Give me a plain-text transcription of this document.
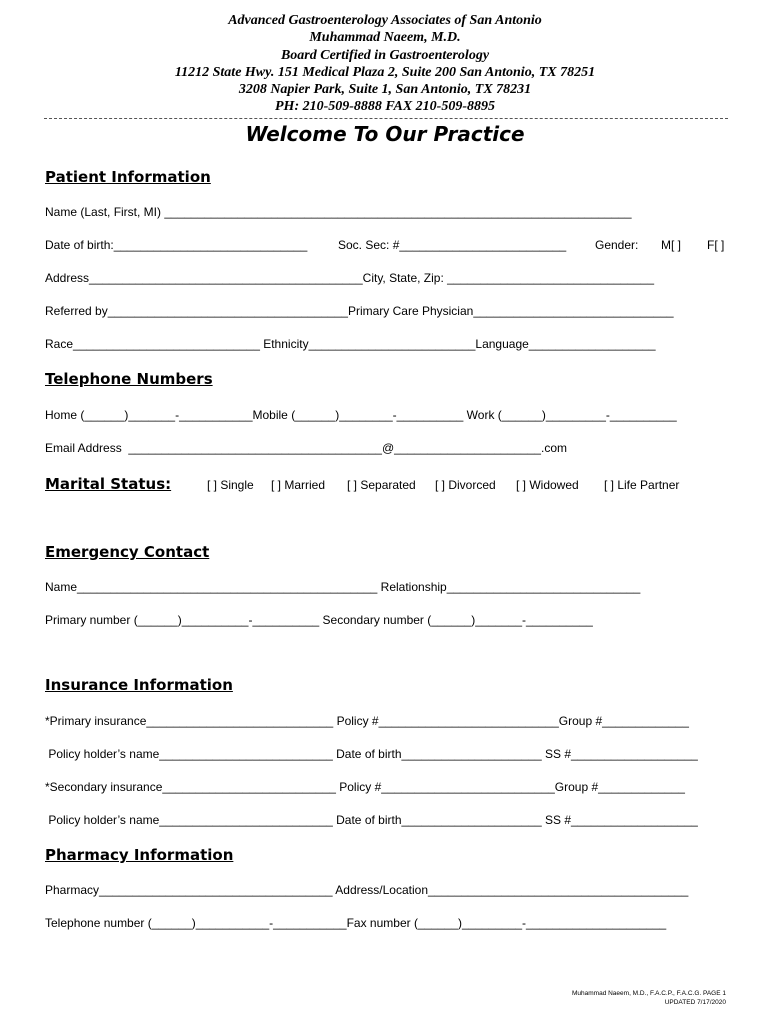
Advanced Gastroenterology Associates of San Antonio
Muhammad Naeem, M.D.
Board Certified in Gastroenterology
11212 State Hwy. 151 Medical Plaza 2, Suite 200 San Antonio, TX 78251
3208 Napier Park, Suite 1, San Antonio, TX 78231
PH: 210-509-8888 FAX 210-509-8895
Welcome To Our Practice
Patient Information
Name (Last, First, MI) ______________________________________________________________________
Date of birth:_____________________________	Soc. Sec: #_________________________ Gender: M[ ] F[ ]
Address_________________________________________City, State, Zip: _______________________________
Referred by____________________________________Primary Care Physician______________________________
Race____________________________ Ethnicity_________________________Language___________________
Telephone Numbers
Home (______)_______-___________Mobile (______)________-__________ Work (______)_________-__________
Email Address  ______________________________________@______________________.com
Marital Status:	[ ] Single [ ] Married [ ] Separated [ ] Divorced [ ] Widowed [ ] Life Partner
Emergency Contact
Name_____________________________________________ Relationship_____________________________
Primary number (______)__________-__________ Secondary number (______)_______-__________
Insurance Information
*Primary insurance____________________________ Policy #___________________________Group #_____________
Policy holder’s name__________________________ Date of birth_____________________ SS #___________________
*Secondary insurance__________________________ Policy #__________________________Group #_____________
Policy holder’s name__________________________ Date of birth_____________________ SS #___________________
Pharmacy Information
Pharmacy___________________________________ Address/Location_______________________________________
Telephone number (______)___________-___________Fax number (______)_________-_____________________
Muhammad Naeem, M.D., F.A.C.P., F.A.C.G. PAGE 1
UPDATED 7/17/2020
